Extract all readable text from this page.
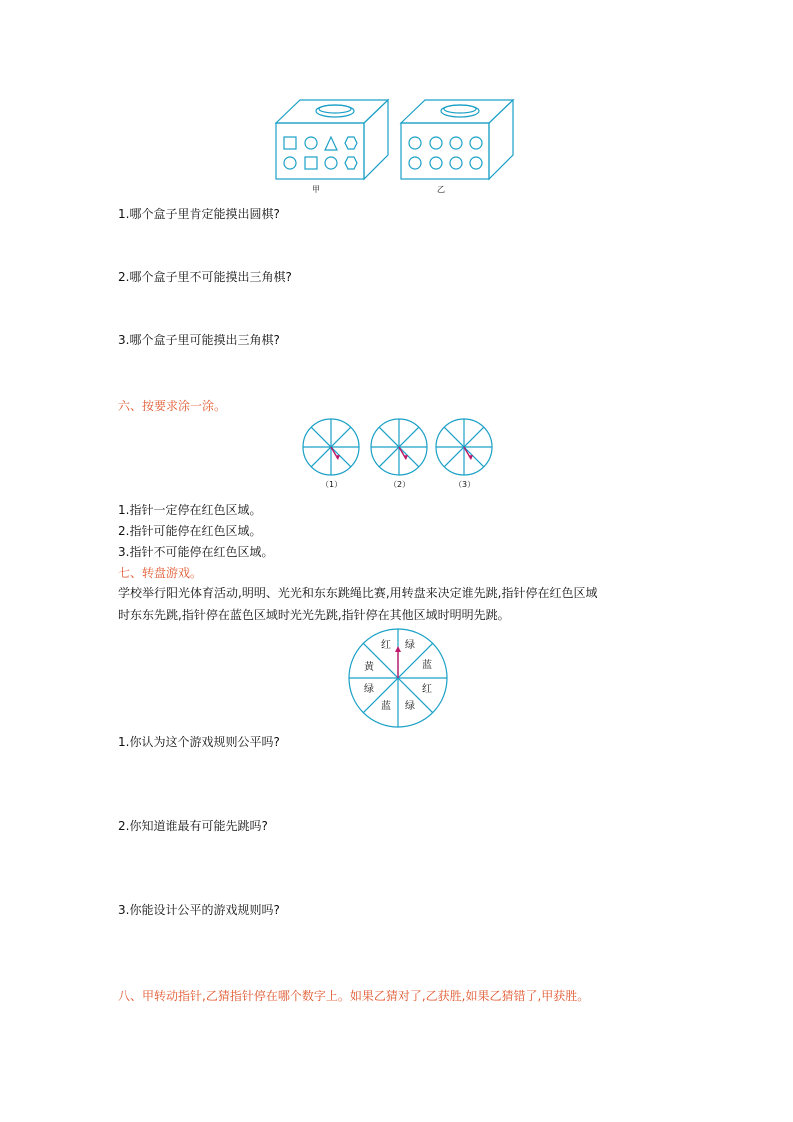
甲	乙
1.哪个盒子里肯定能摸出圆棋?
2.哪个盒子里不可能摸出三角棋?
3.哪个盒子里可能摸出三角棋?
六、按要求涂一涂。
（1）	（2）	（3）
1.指针一定停在红色区域。
2.指针可能停在红色区域。
3.指针不可能停在红色区域。
七、转盘游戏。
学校举行阳光体育活动,明明、光光和东东跳绳比赛,用转盘来决定谁先跳,指针停在红色区域
时东东先跳,指针停在蓝色区域时光光先跳,指针停在其他区域时明明先跳。
红 绿
蓝
红
绿
蓝
绿
黄
1.你认为这个游戏规则公平吗?
2.你知道谁最有可能先跳吗?
3.你能设计公平的游戏规则吗?
八、甲转动指针,乙猜指针停在哪个数字上。如果乙猜对了,乙获胜,如果乙猜错了,甲获胜。
